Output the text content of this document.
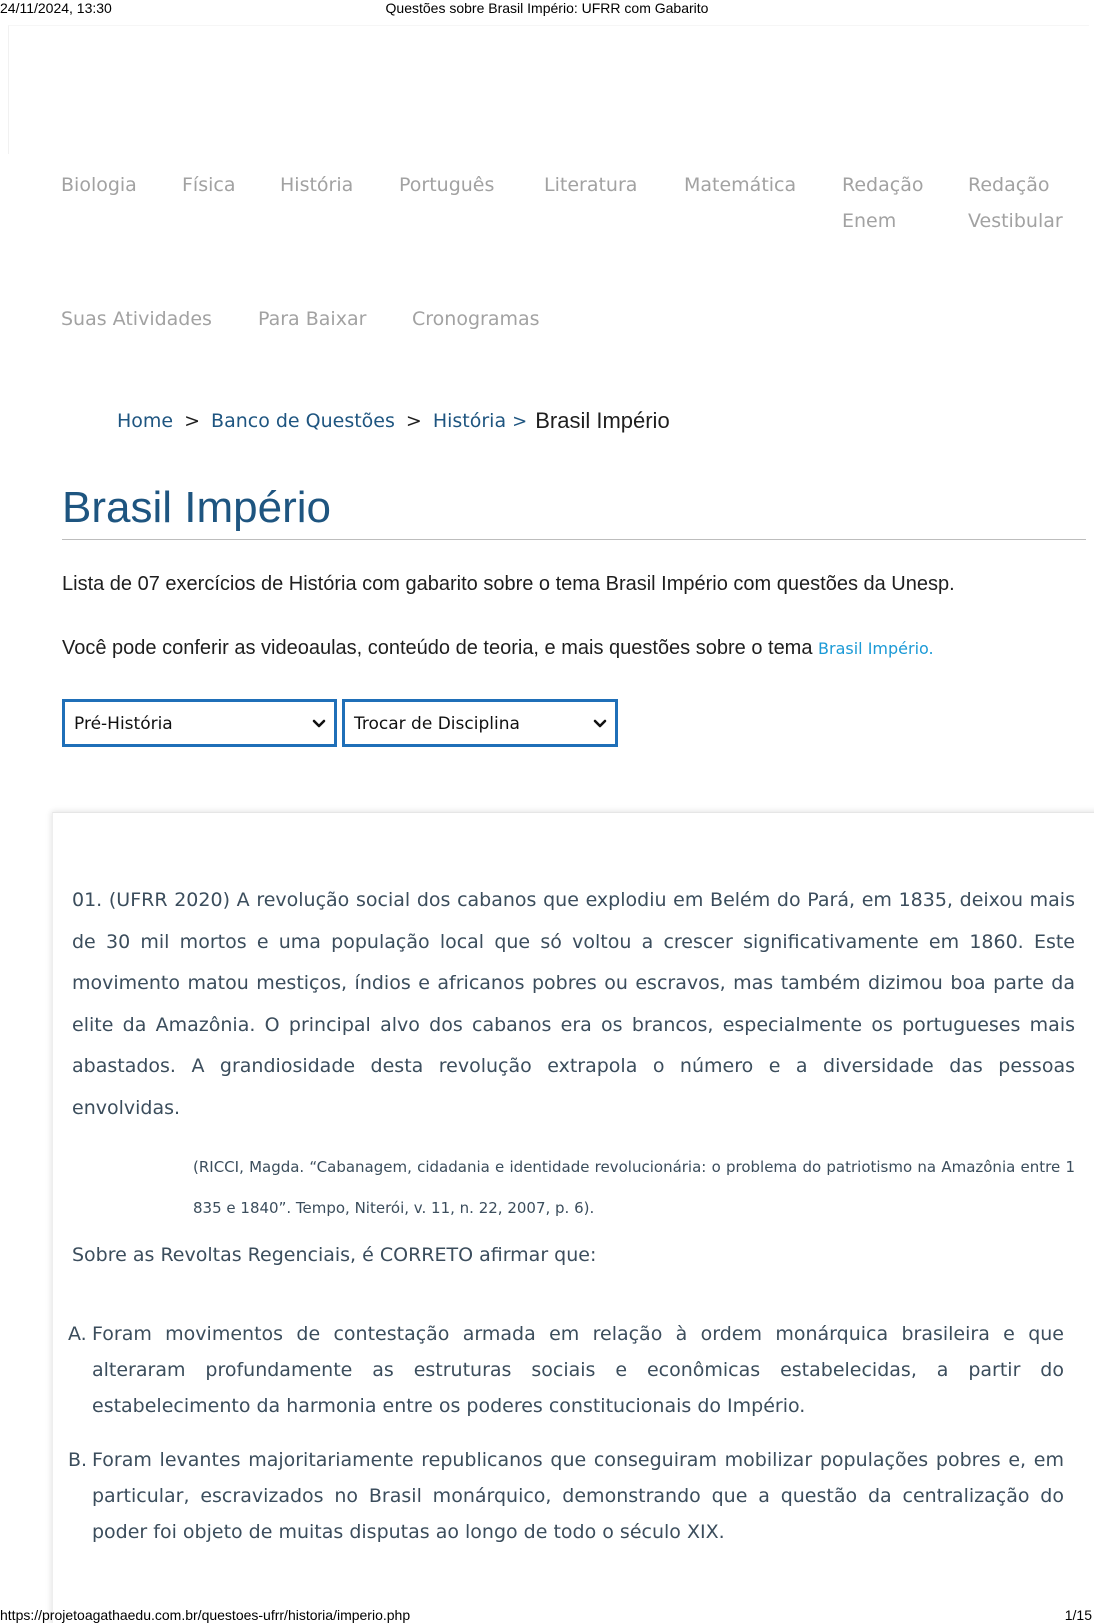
24/11/2024, 13:30	Questões sobre Brasil Império: UFRR com Gabarito
Biologia Física História Português	Literatura Matemática Redação
Enem
Redação
Vestibular
Suas Atividades Para Baixar Cronogramas
Home > Banco de Questões > História > Brasil Império
Brasil Império
Lista de 07 exercícios de História com gabarito sobre o tema Brasil Império com questões da Unesp.
Você pode conferir as videoaulas, conteúdo de teoria, e mais questões sobre o tema Brasil Império.
Pré-História	Trocar de Disciplina

01. (UFRR 2020) A revolução social dos cabanos que explodiu em Belém do Pará, em 1835, deixou mais de 30 mil mortos e uma população local que só voltou a crescer significativamente em 1860. Este movimento matou mestiços, índios e africanos pobres ou escravos, mas também dizimou boa parte da elite da Amazônia. O principal alvo dos cabanos era os brancos, especialmente os portugueses mais abastados. A grandiosidade desta revolução extrapola o número e a diversidade das pessoas envolvidas.

(RICCI, Magda. “Cabanagem, cidadania e identidade revolucionária: o problema do patriotismo na Amazônia entre 1835 e 1840”. Tempo, Niterói, v. 11, n. 22, 2007, p. 6).

Sobre as Revoltas Regenciais, é CORRETO afirmar que:

A. Foram movimentos de contestação armada em relação à ordem monárquica brasileira e que alteraram profundamente as estruturas sociais e econômicas estabelecidas, a partir do estabelecimento da harmonia entre os poderes constitucionais do Império.
B. Foram levantes majoritariamente republicanos que conseguiram mobilizar populações pobres e, em particular, escravizados no Brasil monárquico, demonstrando que a questão da centralização do poder foi objeto de muitas disputas ao longo de todo o século XIX.
https://projetoagathaedu.com.br/questoes-ufrr/historia/imperio.php	1/15
